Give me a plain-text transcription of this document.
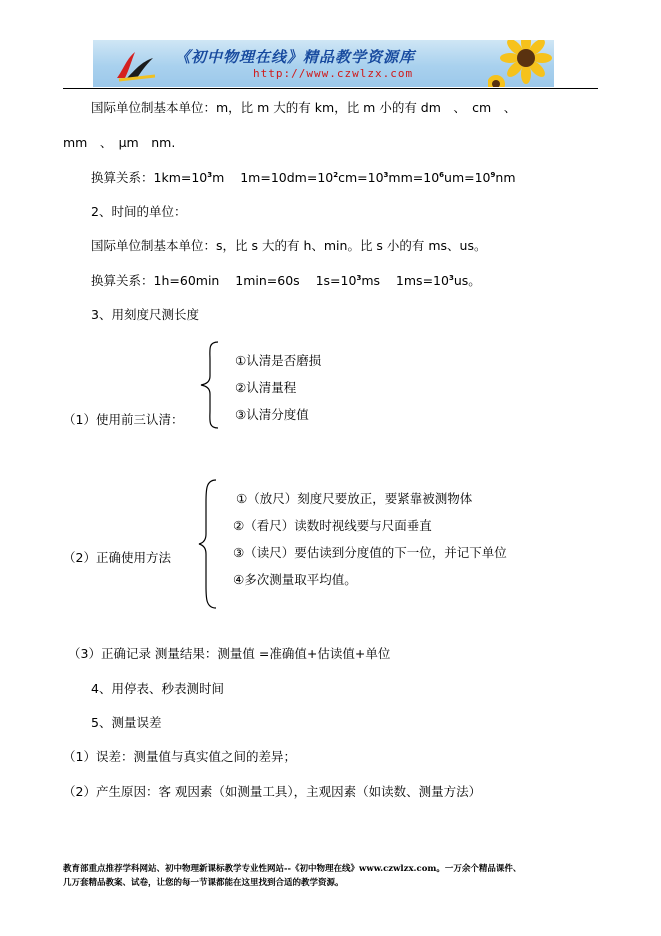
《初中物理在线》精品教学资源库
http://www.czwlzx.com
国际单位制基本单位：m，比 m 大的有 km，比 m 小的有 dm　、　cm　、
mm　、　μm　nm.
换算关系：$1km=10^3m$ $1m=10dm=10^2cm=10^3mm=10^6um=10^9nm$
2、时间的单位：
国际单位制基本单位：s，比 s 大的有 h、min。比 s 小的有 ms、us。
换算关系：1h=60min 1min=60s $1s=10^3ms$ $1ms=10^3us$。
3、用刻度尺测长度
（1）使用前三认清：
①认清是否磨损
②认清量程
③认清分度值
（2）正确使用方法
①（放尺）刻度尺要放正，要紧靠被测物体
②（看尺）读数时视线要与尺面垂直
③（读尺）要估读到分度值的下一位，并记下单位
④多次测量取平均值。
（3）正确记录 测量结果：测量值 =准确值+估读值+单位
4、用停表、秒表测时间
5、测量误差
（1）误差：测量值与真实值之间的差异；
（2）产生原因：客 观因素（如测量工具），主观因素（如读数、测量方法）
教育部重点推荐学科网站、初中物理新课标教学专业性网站--《初中物理在线》www.czwlzx.com。一万余个精品课件、
几万套精品教案、试卷，让您的每一节课都能在这里找到合适的教学资源。
